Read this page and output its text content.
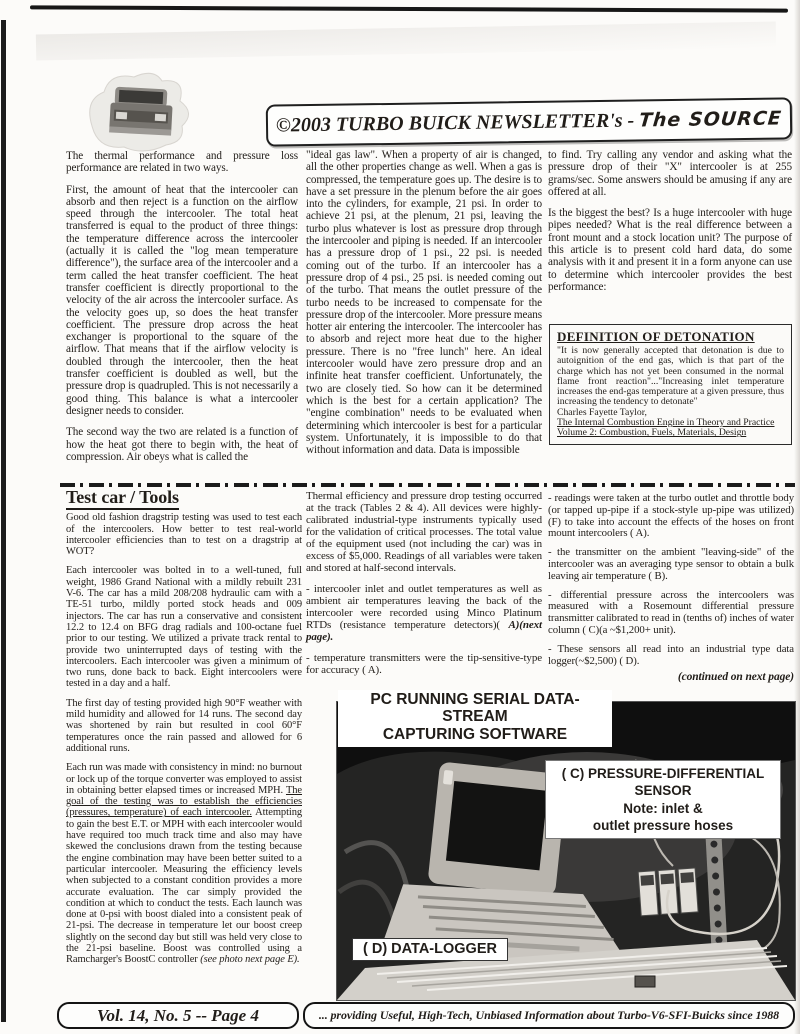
©2003 TURBO BUICK NEWSLETTER's - The SOURCE

The thermal performance and pressure loss performance are related in two ways.

First, the amount of heat that the intercooler can absorb and then reject is a function on the airflow speed through the intercooler. The total heat transferred is equal to the product of three things: the temperature difference across the intercooler (actually it is called the "log mean temperature difference"), the surface area of the intercooler and a term called the heat transfer coefficient. The heat transfer coefficient is directly proportional to the velocity of the air across the intercooler surface. As the velocity goes up, so does the heat transfer coefficient. The pressure drop across the heat exchanger is proportional to the square of the airflow. That means that if the airflow velocity is doubled through the intercooler, then the heat transfer coefficient is doubled as well, but the pressure drop is quadrupled. This is not necessarily a good thing. This balance is what a intercooler designer needs to consider.

The second way the two are related is a function of how the heat got there to begin with, the heat of compression. Air obeys what is called the

"ideal gas law". When a property of air is changed, all the other properties change as well. When a gas is compressed, the temperature goes up. The desire is to have a set pressure in the plenum before the air goes into the cylinders, for example, 21 psi. In order to achieve 21 psi, at the plenum, 21 psi, leaving the turbo plus whatever is lost as pressure drop through the intercooler and piping is needed. If an intercooler has a pressure drop of 1 psi., 22 psi. is needed coming out of the turbo. If an intercooler has a pressure drop of 4 psi., 25 psi. is needed coming out of the turbo. That means the outlet pressure of the turbo needs to be increased to compensate for the pressure drop of the intercooler. More pressure means hotter air entering the intercooler. The intercooler has to absorb and reject more heat due to the higher pressure. There is no "free lunch" here. An ideal intercooler would have zero pressure drop and an infinite heat transfer coefficient. Unfortunately, the two are closely tied. So how can it be determined which is the best for a certain application? The "engine combination" needs to be evaluated when determining which intercooler is best for a particular system. Unfortunately, it is impossible to do that without information and data. Data is impossible

to find. Try calling any vendor and asking what the pressure drop of their "X" intercooler is at 255 grams/sec. Some answers should be amusing if any are offered at all.

Is the biggest the best? Is a huge intercooler with huge pipes needed? What is the real difference between a front mount and a stock location unit? The purpose of this article is to present cold hard data, do some analysis with it and present it in a form anyone can use to determine which intercooler provides the best performance:

DEFINITION OF DETONATION
"It is now generally accepted that detonation is due to autoignition of the end gas, which is that part of the charge which has not yet been consumed in the normal flame front reaction"..."Increasing inlet temperature increases the end-gas temperature at a given pressure, thus increasing the tendency to detonate"
Charles Fayette Taylor,
The Internal Combustion Engine in Theory and Practice
Volume 2: Combustion, Fuels, Materials, Design
Test car / Tools

Good old fashion dragstrip testing was used to test each of the intercoolers. How better to test real-world intercooler efficiencies than to test on a dragstrip at WOT?

Each intercooler was bolted in to a well-tuned, full weight, 1986 Grand National with a mildly rebuilt 231 V-6. The car has a mild 208/208 hydraulic cam with a TE-51 turbo, mildly ported stock heads and 009 injectors. The car has run a conservative and consistent 12.2 to 12.4 on BFG drag radials and 100-octane fuel prior to our testing. We utilized a private track rental to provide two uninterrupted days of testing with the intercoolers. Each intercooler was given a minimum of two runs, done back to back. Eight intercoolers were tested in a day and a half.

The first day of testing provided high 90°F weather with mild humidity and allowed for 14 runs. The second day was shortened by rain but resulted in cool 60°F temperatures once the rain passed and allowed for 6 additional runs.

Each run was made with consistency in mind: no burnout or lock up of the torque converter was employed to assist in obtaining better elapsed times or increased MPH. The goal of the testing was to establish the efficiencies (pressures, temperature) of each intercooler. Attempting to gain the best E.T. or MPH with each intercooler would have required too much track time and also may have skewed the conclusions drawn from the testing because the engine combination may have been better suited to a particular intercooler. Measuring the efficiency levels when subjected to a constant condition provides a more accurate evaluation. The car simply provided the condition at which to conduct the tests. Each launch was done at 0-psi with boost dialed into a consistent peak of 21-psi. The decrease in temperature let our boost creep slightly on the second day but still was held very close to the 21-psi baseline. Boost was controlled using a Ramcharger's BoostC controller (see photo next page E).

Thermal efficiency and pressure drop testing occurred at the track (Tables 2 & 4). All devices were highly-calibrated industrial-type instruments typically used for the validation of critical processes. The total value of the equipment used (not including the car) was in excess of $5,000. Readings of all variables were taken and stored at half-second intervals.

- intercooler inlet and outlet temperatures as well as ambient air temperatures leaving the back of the intercooler were recorded using Minco Platinum RTDs (resistance temperature detectors)( A)(next page).

- temperature transmitters were the tip-sensitive-type for accuracy ( A).

- readings were taken at the turbo outlet and throttle body (or tapped up-pipe if a stock-style up-pipe was utilized)(F) to take into account the effects of the hoses on front mount intercoolers ( A).

- the transmitter on the ambient "leaving-side" of the intercooler was an averaging type sensor to obtain a bulk leaving air temperature ( B).

- differential pressure across the intercoolers was measured with a Rosemount differential pressure transmitter calibrated to read in (tenths of) inches of water column ( C)(a ~$1,200+ unit).

- These sensors all read into an industrial type data logger(~$2,500) ( D).

(continued on next page)
PC RUNNING SERIAL DATA-STREAM
CAPTURING SOFTWARE
( C) PRESSURE-DIFFERENTIAL
SENSOR
Note: inlet &
outlet pressure hoses
( D) DATA-LOGGER
Vol. 14, No. 5 -- Page 4	... providing Useful, High-Tech, Unbiased Information about Turbo-V6-SFI-Buicks since 1988
